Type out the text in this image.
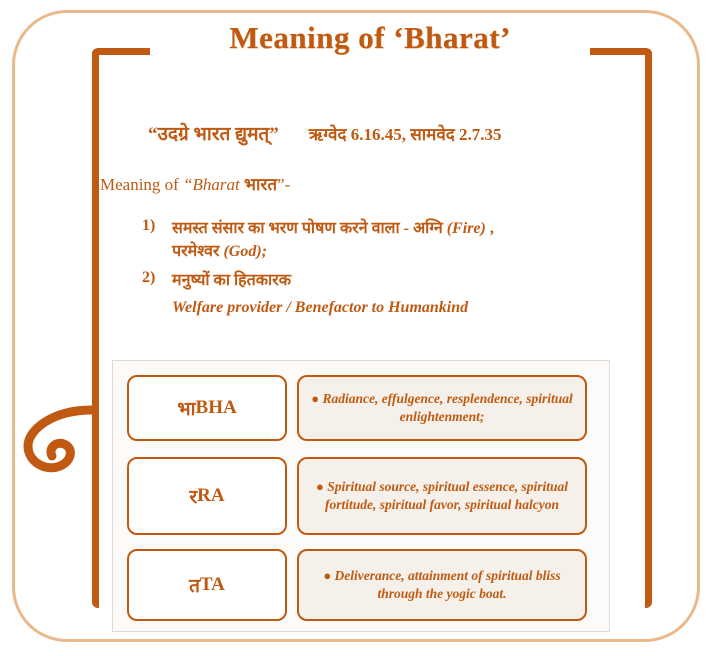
Meaning of ‘Bharat’
“उदग्रे भारत द्युमत्” ऋग्वेद 6.16.45, सामवेद 2.7.35
Meaning of “Bharat भारत”-
1)	समस्त संसार का भरण पोषण करने वाला - अग्नि (Fire) ,
परमेश्वर (God);
2)	मनुष्यों का हितकारक
Welfare provider / Benefactor to Humankind
भा BHA	● Radiance, effulgence, resplendence, spiritual enlightenment;
र RA	● Spiritual source, spiritual essence, spiritual fortitude, spiritual favor, spiritual halcyon
त TA	● Deliverance, attainment of spiritual bliss through the yogic boat.
